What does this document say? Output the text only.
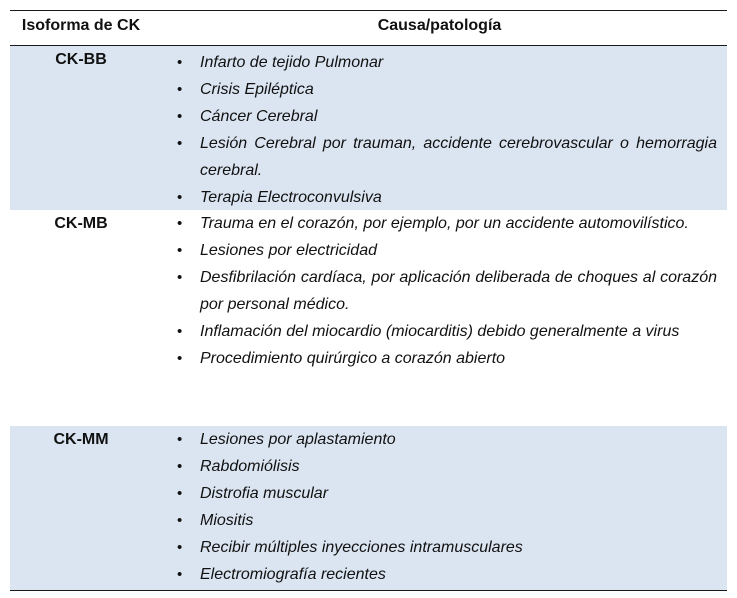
Isoforma de CK	Causa/patología
CK-BB	• Infarto de tejido Pulmonar
• Crisis Epiléptica
• Cáncer Cerebral
• Lesión Cerebral por trauman, accidente cerebrovascular o hemorragia cerebral.
• Terapia Electroconvulsiva
CK-MB	• Trauma en el corazón, por ejemplo, por un accidente automovilístico.
• Lesiones por electricidad
• Desfibrilación cardíaca, por aplicación deliberada de choques al corazón por personal médico.
• Inflamación del miocardio (miocarditis) debido generalmente a virus
• Procedimiento quirúrgico a corazón abierto
CK-MM	• Lesiones por aplastamiento
• Rabdomiólisis
• Distrofia muscular
• Miositis
• Recibir múltiples inyecciones intramusculares
• Electromiografía recientes
